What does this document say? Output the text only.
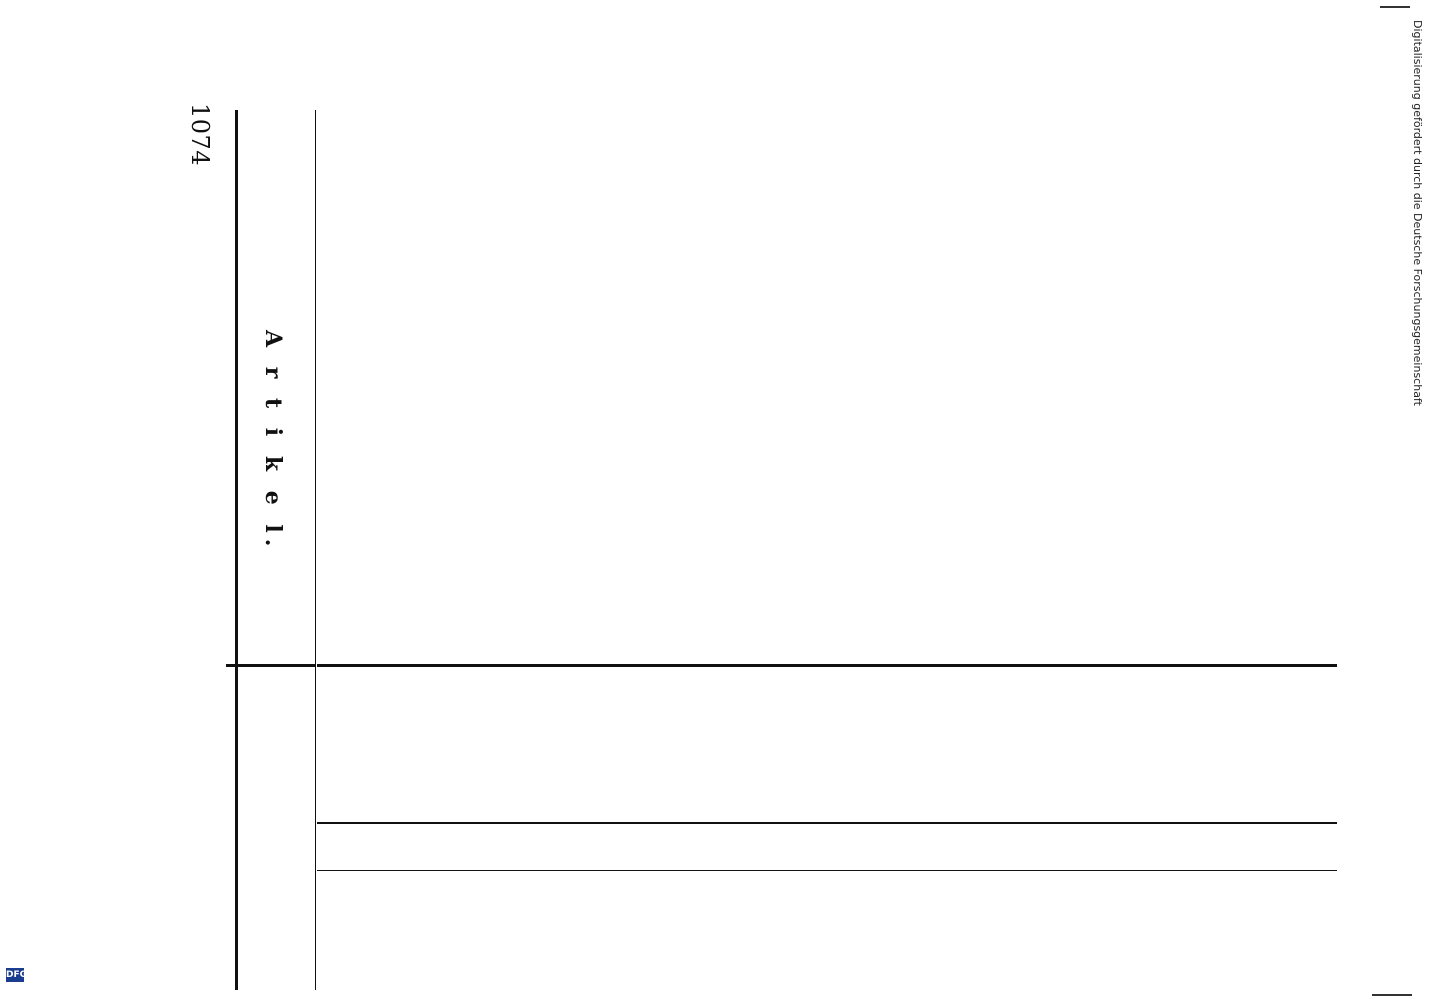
1074
A r t i k e l.
Digitalisierung gefördert durch die Deutsche Forschungsgemeinschaft
DFG
